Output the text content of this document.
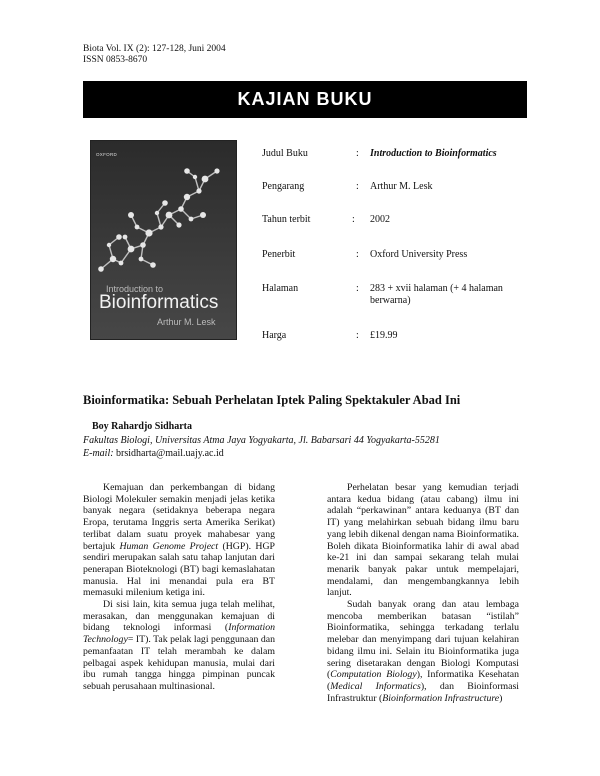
Biota Vol. IX (2): 127-128, Juni 2004
ISSN 0853-8670
KAJIAN BUKU
OXFORD
Introduction to
Bioinformatics
Arthur M. Lesk
Judul Buku	: Introduction to Bioinformatics
Pengarang	: Arthur M. Lesk
Tahun terbit	: 2002
Penerbit	: Oxford University Press
Halaman	: 283 + xvii halaman (+ 4 halaman berwarna)
Harga	: £19.99
Bioinformatika: Sebuah Perhelatan Iptek Paling Spektakuler Abad Ini
Boy Rahardjo Sidharta
Fakultas Biologi, Universitas Atma Jaya Yogyakarta, Jl. Babarsari 44 Yogyakarta-55281
E-mail: brsidharta@mail.uajy.ac.id

Kemajuan dan perkembangan di bidang Biologi Molekuler semakin menjadi jelas ketika banyak negara (setidaknya beberapa negara Eropa, terutama Inggris serta Amerika Serikat) terlibat dalam suatu proyek mahabesar yang bertajuk Human Genome Project (HGP). HGP sendiri merupakan salah satu tahap lanjutan dari penerapan Bioteknologi (BT) bagi kemaslahatan manusia. Hal ini menandai pula era BT memasuki milenium ketiga ini.

Di sisi lain, kita semua juga telah melihat, merasakan, dan menggunakan kemajuan di bidang teknologi informasi (Information Technology= IT). Tak pelak lagi penggunaan dan pemanfaatan IT telah merambah ke dalam pelbagai aspek kehidupan manusia, mulai dari ibu rumah tangga hingga pimpinan puncak sebuah perusahaan multinasional.

Perhelatan besar yang kemudian terjadi antara kedua bidang (atau cabang) ilmu ini adalah “perkawinan” antara keduanya (BT dan IT) yang melahirkan sebuah bidang ilmu baru yang lebih dikenal dengan nama Bioinformatika. Boleh dikata Bioinformatika lahir di awal abad ke-21 ini dan sampai sekarang telah mulai menarik banyak pakar untuk mempelajari, mendalami, dan mengembangkannya lebih lanjut.

Sudah banyak orang dan atau lembaga mencoba memberikan batasan “istilah” Bioinformatika, sehingga terkadang terlalu melebar dan menyimpang dari tujuan kelahiran bidang ilmu ini. Selain itu Bioinformatika juga sering disetarakan dengan Biologi Komputasi (Computation Biology), Informatika Kesehatan (Medical Informatics), dan Bioinformasi Infrastruktur (Bioinformation Infrastructure)
